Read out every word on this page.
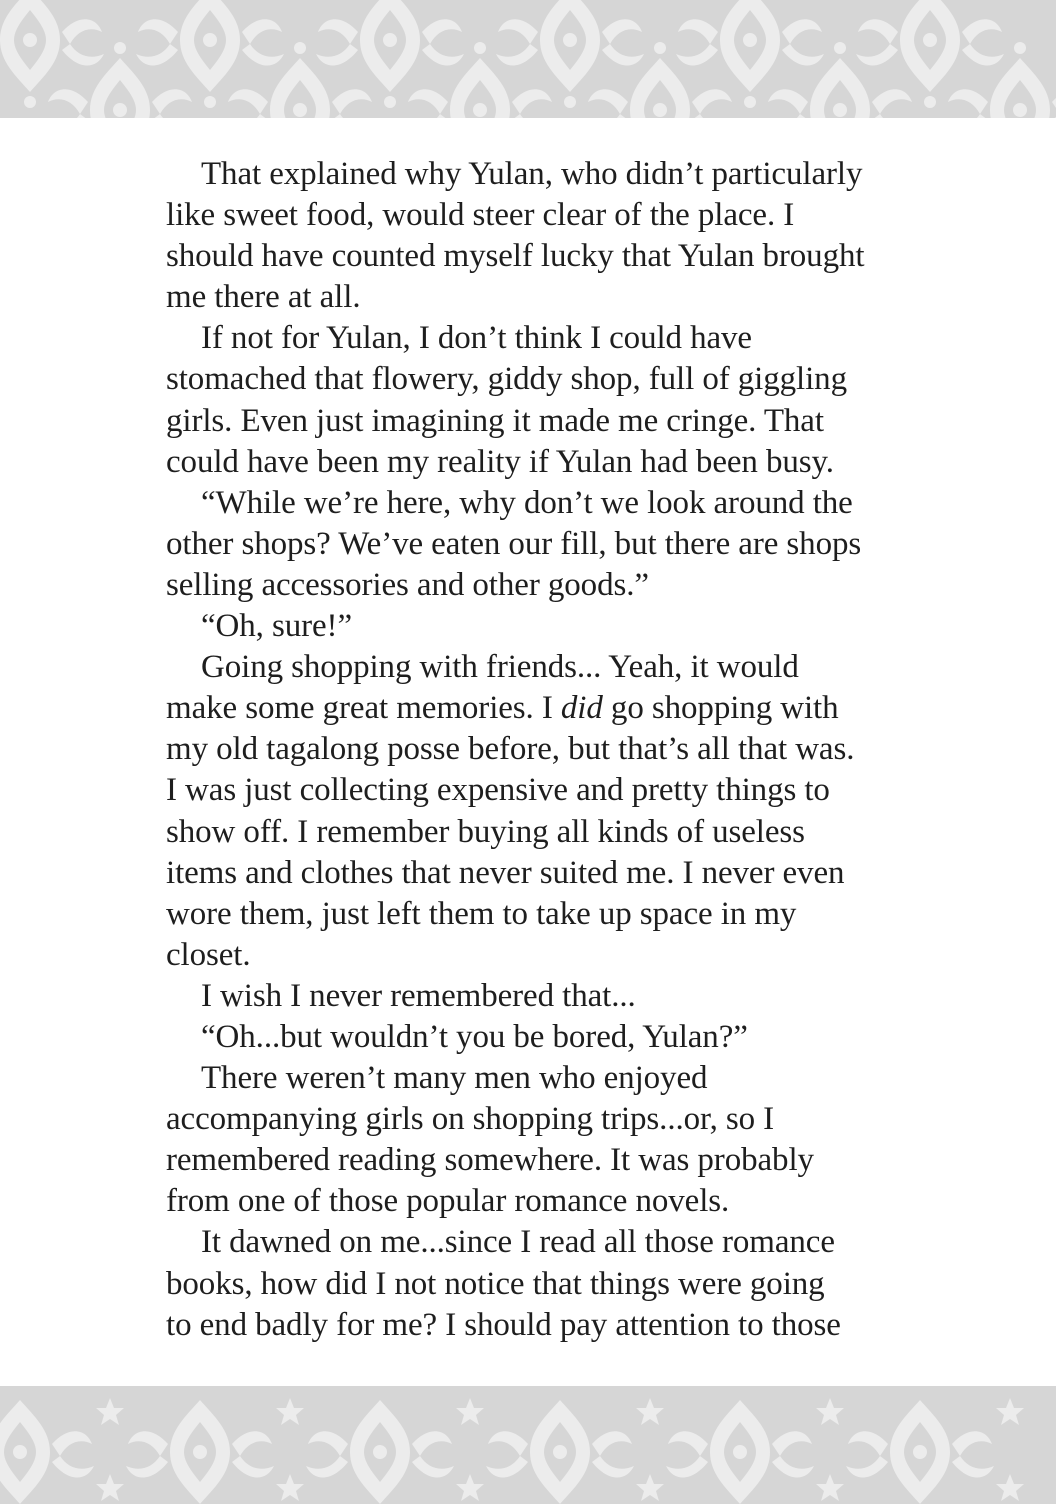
That explained why Yulan, who didn’t particularly
like sweet food, would steer clear of the place. I
should have counted myself lucky that Yulan brought
me there at all.
If not for Yulan, I don’t think I could have
stomached that flowery, giddy shop, full of giggling
girls. Even just imagining it made me cringe. That
could have been my reality if Yulan had been busy.
“While we’re here, why don’t we look around the
other shops? We’ve eaten our fill, but there are shops
selling accessories and other goods.”
“Oh, sure!”
Going shopping with friends... Yeah, it would
make some great memories. I did go shopping with
my old tagalong posse before, but that’s all that was.
I was just collecting expensive and pretty things to
show off. I remember buying all kinds of useless
items and clothes that never suited me. I never even
wore them, just left them to take up space in my
closet.
I wish I never remembered that...
“Oh...but wouldn’t you be bored, Yulan?”
There weren’t many men who enjoyed
accompanying girls on shopping trips...or, so I
remembered reading somewhere. It was probably
from one of those popular romance novels.
It dawned on me...since I read all those romance
books, how did I not notice that things were going
to end badly for me? I should pay attention to those
